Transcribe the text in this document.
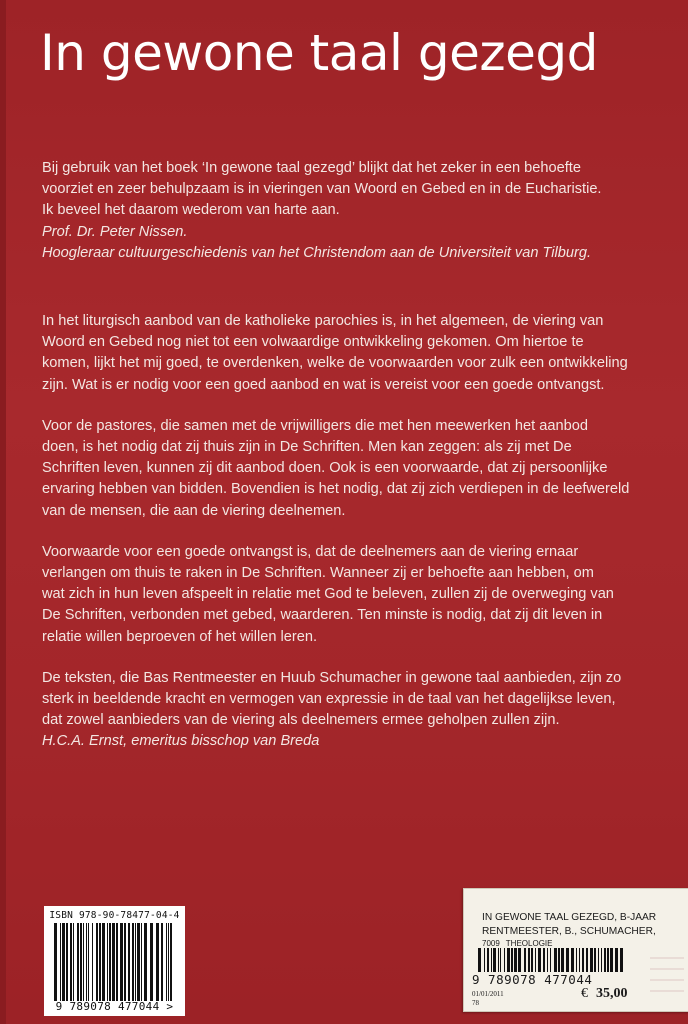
In gewone taal gezegd

Bij gebruik van het boek ‘In gewone taal gezegd’ blijkt dat het zeker in een behoefte

voorziet en zeer behulpzaam is in vieringen van Woord en Gebed en in de Eucharistie.

Ik beveel het daarom wederom van harte aan.

Prof. Dr. Peter Nissen.

Hoogleraar cultuurgeschiedenis van het Christendom aan de Universiteit van Tilburg.

In het liturgisch aanbod van de katholieke parochies is, in het algemeen, de viering van

Woord en Gebed nog niet tot een volwaardige ontwikkeling gekomen. Om hiertoe te

komen, lijkt het mij goed, te overdenken, welke de voorwaarden voor zulk een ontwikkeling

zijn. Wat is er nodig voor een goed aanbod en wat is vereist voor een goede ontvangst.

Voor de pastores, die samen met de vrijwilligers die met hen meewerken het aanbod

doen, is het nodig dat zij thuis zijn in De Schriften. Men kan zeggen: als zij met De

Schriften leven, kunnen zij dit aanbod doen. Ook is een voorwaarde, dat zij persoonlijke

ervaring hebben van bidden. Bovendien is het nodig, dat zij zich verdiepen in de leefwereld

van de mensen, die aan de viering deelnemen.

Voorwaarde voor een goede ontvangst is, dat de deelnemers aan de viering ernaar

verlangen om thuis te raken in De Schriften. Wanneer zij er behoefte aan hebben, om

wat zich in hun leven afspeelt in relatie met God te beleven, zullen zij de overweging van

De Schriften, verbonden met gebed, waarderen. Ten minste is nodig, dat zij dit leven in

relatie willen beproeven of het willen leren.

De teksten, die Bas Rentmeester en Huub Schumacher in gewone taal aanbieden, zijn zo

sterk in beeldende kracht en vermogen van expressie in de taal van het dagelijkse leven,

dat zowel aanbieders van de viering als deelnemers ermee geholpen zullen zijn.

H.C.A. Ernst, emeritus bisschop van Breda

ISBN 978-90-78477-04-4
9 789078 477044 >
IN GEWONE TAAL GEZEGD, B-JAAR
RENTMEESTER, B., SCHUMACHER,
7009 THEOLOGIE
9 789078 477044
01/01/2011
78
€ 35,00
